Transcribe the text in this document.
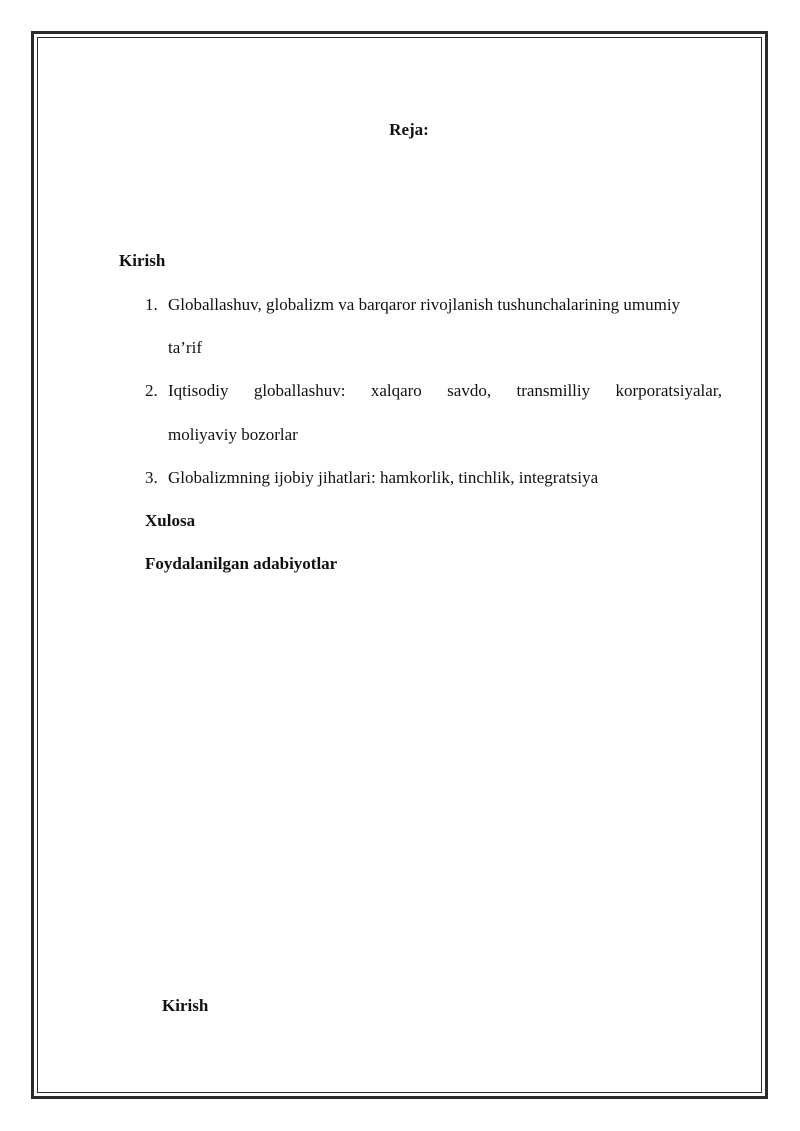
Reja:
Kirish
1. Globallashuv, globalizm va barqaror rivojlanish tushunchalarining umumiy
ta’rif
2. Iqtisodiy globallashuv: xalqaro savdo, transmilliy korporatsiyalar,
moliyaviy bozorlar
3. Globalizmning ijobiy jihatlari: hamkorlik, tinchlik, integratsiya
Xulosa
Foydalanilgan adabiyotlar
Kirish
